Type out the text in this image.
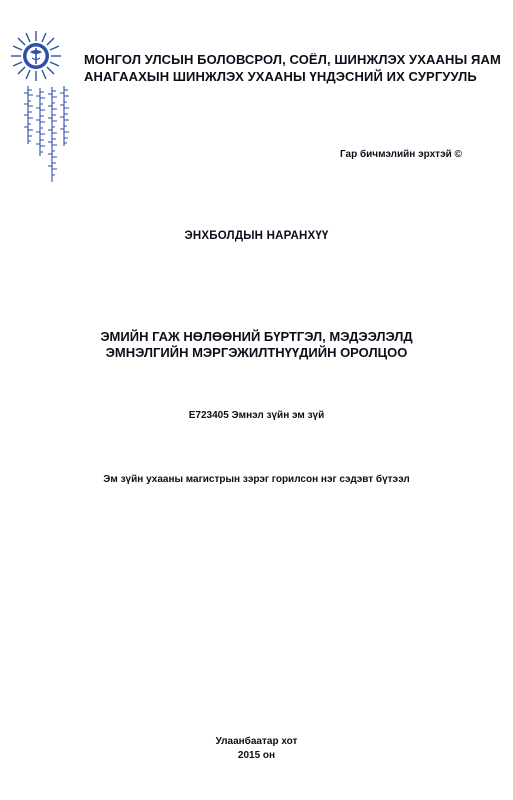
МОНГОЛ УЛСЫН БОЛОВСРОЛ, СОЁЛ, ШИНЖЛЭХ УХААНЫ ЯАМ
АНАГААХЫН ШИНЖЛЭХ УХААНЫ ҮНДЭСНИЙ ИХ СУРГУУЛЬ
Гар бичмэлийн эрхтэй ©
ЭНХБОЛДЫН НАРАНХҮҮ
ЭМИЙН ГАЖ НӨЛӨӨНИЙ БҮРТГЭЛ, МЭДЭЭЛЭЛД
ЭМНЭЛГИЙН МЭРГЭЖИЛТНҮҮДИЙН ОРОЛЦОО
E723405 Эмнэл зүйн эм зүй
Эм зүйн ухааны магистрын зэрэг горилсон нэг сэдэвт бүтээл
Улаанбаатар хот
2015 он
